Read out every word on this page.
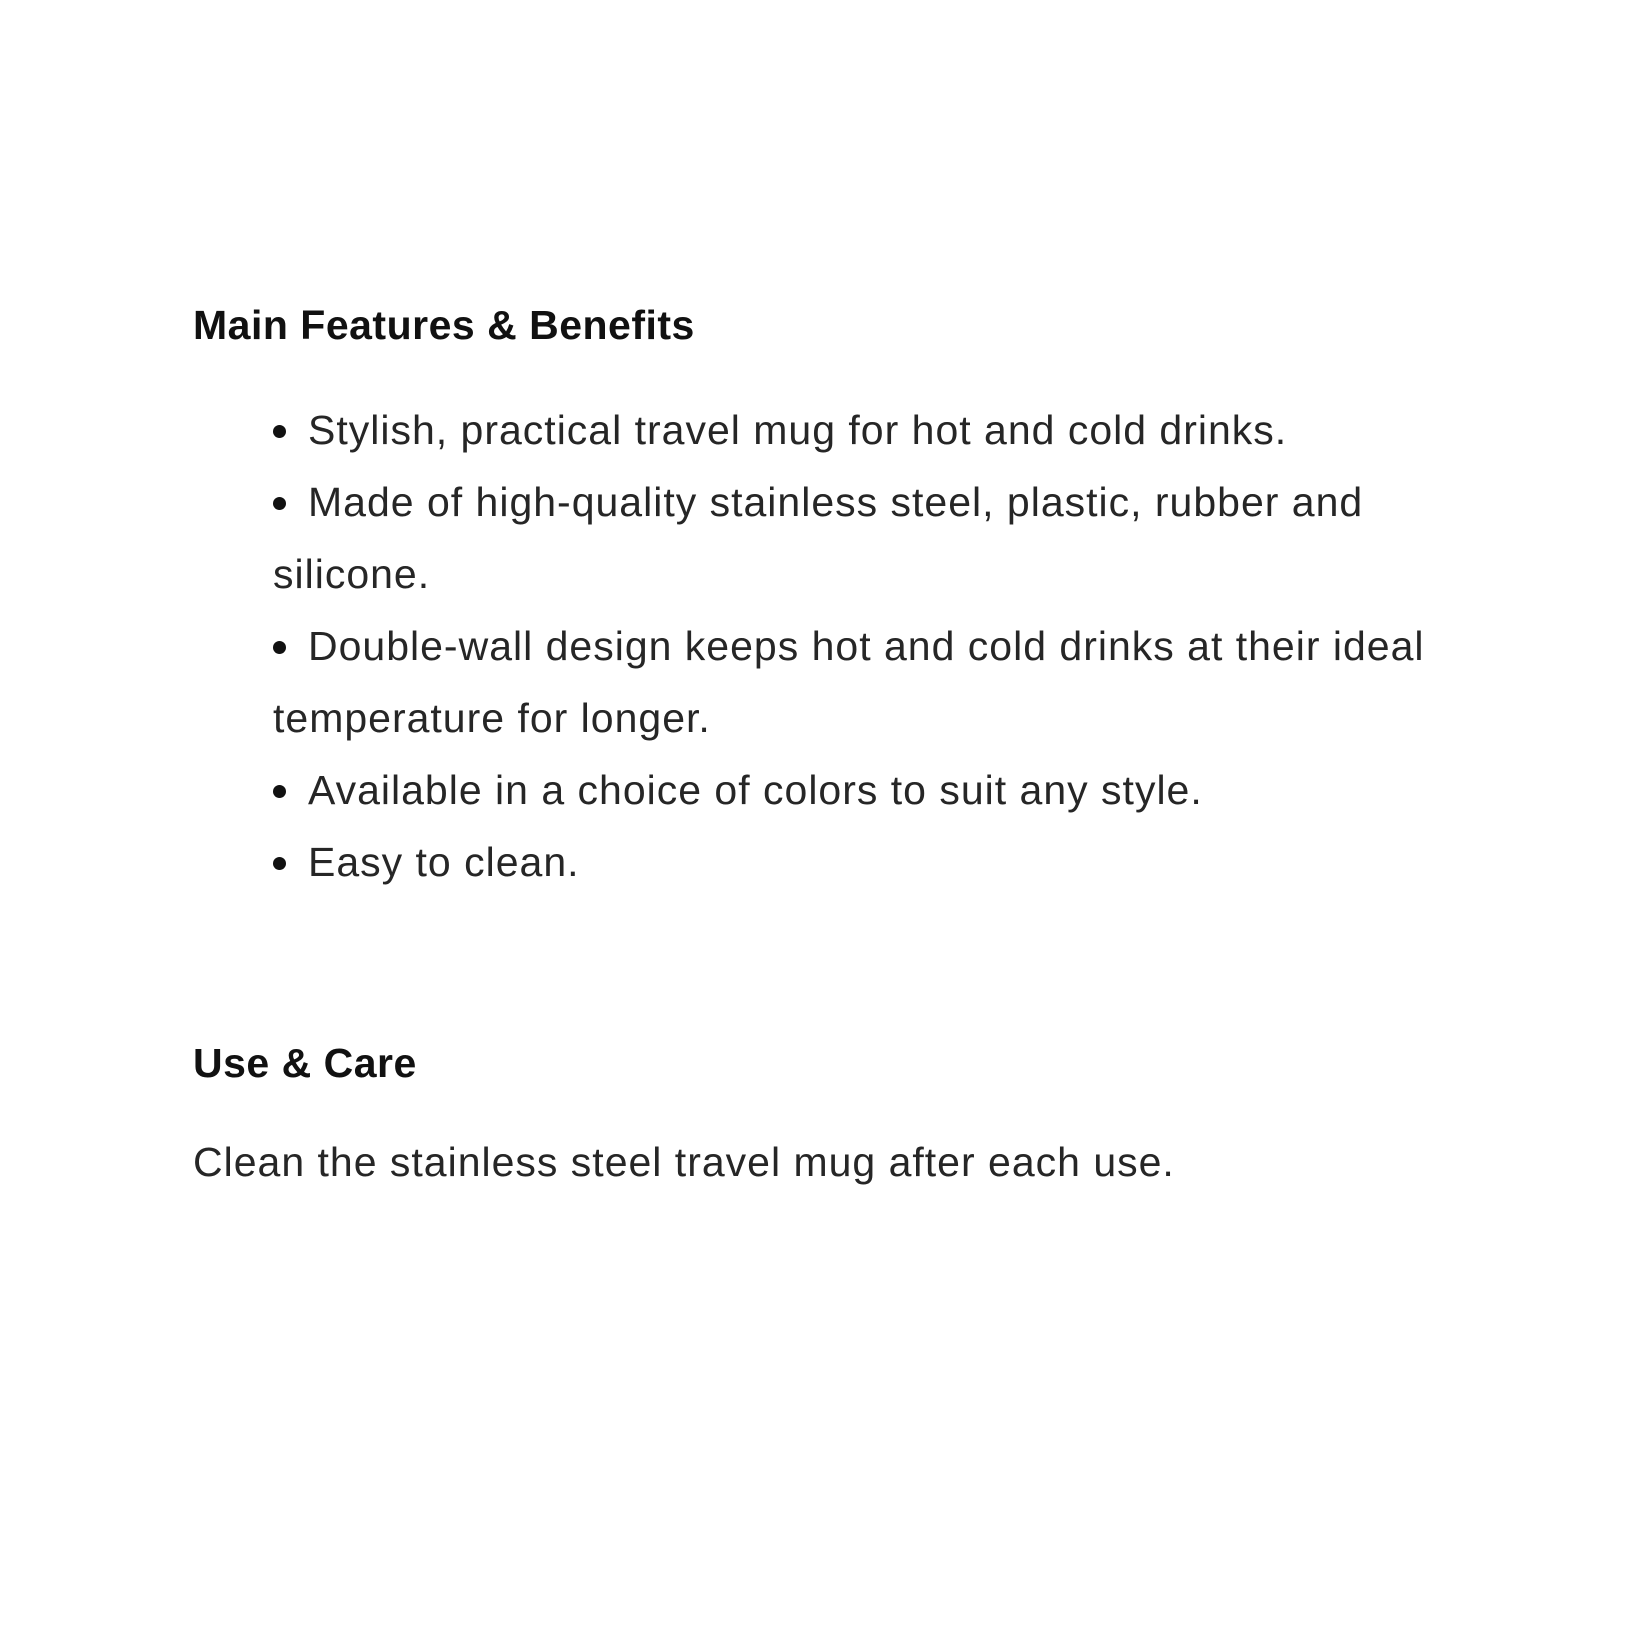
Main Features & Benefits
Stylish, practical travel mug for hot and cold drinks.
Made of high-quality stainless steel, plastic, rubber and silicone.
Double-wall design keeps hot and cold drinks at their ideal temperature for longer.
Available in a choice of colors to suit any style.
Easy to clean.
Use & Care

Clean the stainless steel travel mug after each use.
